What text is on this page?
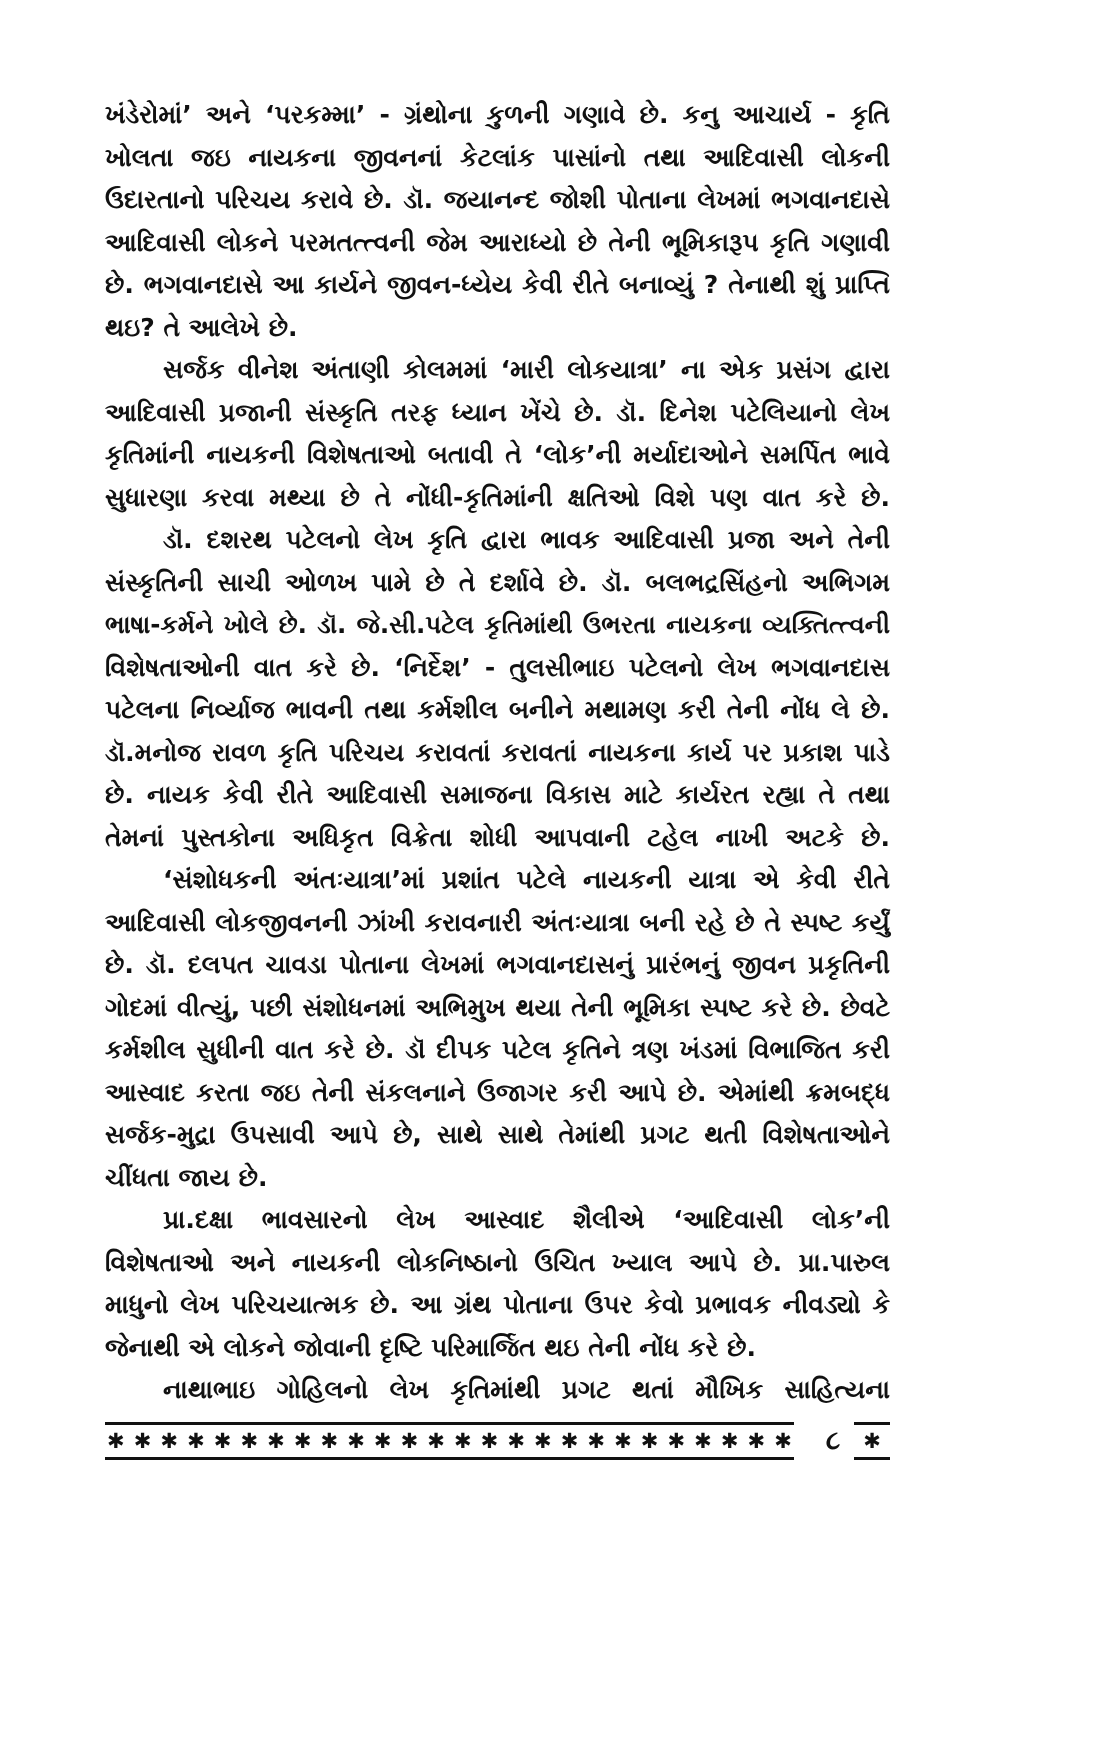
ખંડેરોમાં’ અને ‘પરકમ્મા’ - ગ્રંથોના કુળની ગણાવે છે. કનુ આચાર્ય - કૃતિ
ખોલતા જઇ નાયકના જીવનનાં કેટલાંક પાસાંનો તથા આદિવાસી લોકની
ઉદારતાનો પરિચય કરાવે છે. ડૉ. જયાનન્દ જોશી પોતાના લેખમાં ભગવાનદાસે
આદિવાસી લોકને પરમતત્ત્વની જેમ આરાધ્યો છે તેની ભૂમિકારૂપ કૃતિ ગણાવી
છે. ભગવાનદાસે આ કાર્યને જીવન-ધ્યેય કેવી રીતે બનાવ્યું ? તેનાથી શું પ્રાપ્તિ
થઇ? તે આલેખે છે.
સર્જક વીનેશ અંતાણી કોલમમાં ‘મારી લોકયાત્રા’ ના એક પ્રસંગ દ્વારા
આદિવાસી પ્રજાની સંસ્કૃતિ તરફ ધ્યાન ખેંચે છે. ડૉ. દિનેશ પટેલિયાનો લેખ
કૃતિમાંની નાયકની વિશેષતાઓ બતાવી તે ‘લોક’ની મર્યાદાઓને સમર્પિત ભાવે
સુધારણા કરવા મથ્યા છે તે નોંધી-કૃતિમાંની ક્ષતિઓ વિશે પણ વાત કરે છે.
ડૉ. દશરથ પટેલનો લેખ કૃતિ દ્વારા ભાવક આદિવાસી પ્રજા અને તેની
સંસ્કૃતિની સાચી ઓળખ પામે છે તે દર્શાવે છે. ડૉ. બલભદ્રસિંહનો અભિગમ
ભાષા-કર્મને ખોલે છે. ડૉ. જે.સી.પટેલ કૃતિમાંથી ઉભરતા નાયકના વ્યક્તિત્ત્વની
વિશેષતાઓની વાત કરે છે. ‘નિર્દેશ’ - તુલસીભાઇ પટેલનો લેખ ભગવાનદાસ
પટેલના નિર્વ્યાજ ભાવની તથા કર્મશીલ બનીને મથામણ કરી તેની નોંધ લે છે.
ડૉ.મનોજ રાવળ કૃતિ પરિચય કરાવતાં કરાવતાં નાયકના કાર્ય પર પ્રકાશ પાડે
છે. નાયક કેવી રીતે આદિવાસી સમાજના વિકાસ માટે કાર્યરત રહ્યા તે તથા
તેમનાં પુસ્તકોના અધિકૃત વિક્રેતા શોધી આપવાની ટહેલ નાખી અટકે છે.
‘સંશોધકની અંતઃયાત્રા’માં પ્રશાંત પટેલે નાયકની યાત્રા એ કેવી રીતે
આદિવાસી લોકજીવનની ઝાંખી કરાવનારી અંતઃયાત્રા બની રહે છે તે સ્પષ્ટ કર્યું
છે. ડૉ. દલપત ચાવડા પોતાના લેખમાં ભગવાનદાસનું પ્રારંભનું જીવન પ્રકૃતિની
ગોદમાં વીત્યું, પછી સંશોધનમાં અભિમુખ થયા તેની ભૂમિકા સ્પષ્ટ કરે છે. છેવટે
કર્મશીલ સુધીની વાત કરે છે. ડૉ દીપક પટેલ કૃતિને ત્રણ ખંડમાં વિભાજિત કરી
આસ્વાદ કરતા જઇ તેની સંકલનાને ઉજાગર કરી આપે છે. એમાંથી ક્રમબદ્ધ
સર્જક-મુદ્રા ઉપસાવી આપે છે, સાથે સાથે તેમાંથી પ્રગટ થતી વિશેષતાઓને
ચીંધતા જાય છે.
પ્રા.દક્ષા ભાવસારનો લેખ આસ્વાદ શૈલીએ ‘આદિવાસી લોક’ની
વિશેષતાઓ અને નાયકની લોકનિષ્ઠાનો ઉચિત ખ્યાલ આપે છે. પ્રા.પારુલ
માધુનો લેખ પરિચયાત્મક છે. આ ગ્રંથ પોતાના ઉપર કેવો પ્રભાવક નીવડ્યો કે
જેનાથી એ લોકને જોવાની દૃષ્ટિ પરિમાર્જિત થઇ તેની નોંધ કરે છે.
નાથાભાઇ ગોહિલનો લેખ કૃતિમાંથી પ્રગટ થતાં મૌખિક સાહિત્યના
✱
✱
✱
✱
✱
✱
✱
✱
✱
✱
✱
✱
✱
✱
✱
✱
✱
✱
✱
✱
✱
✱
✱
✱
✱
✱
૮
✱
